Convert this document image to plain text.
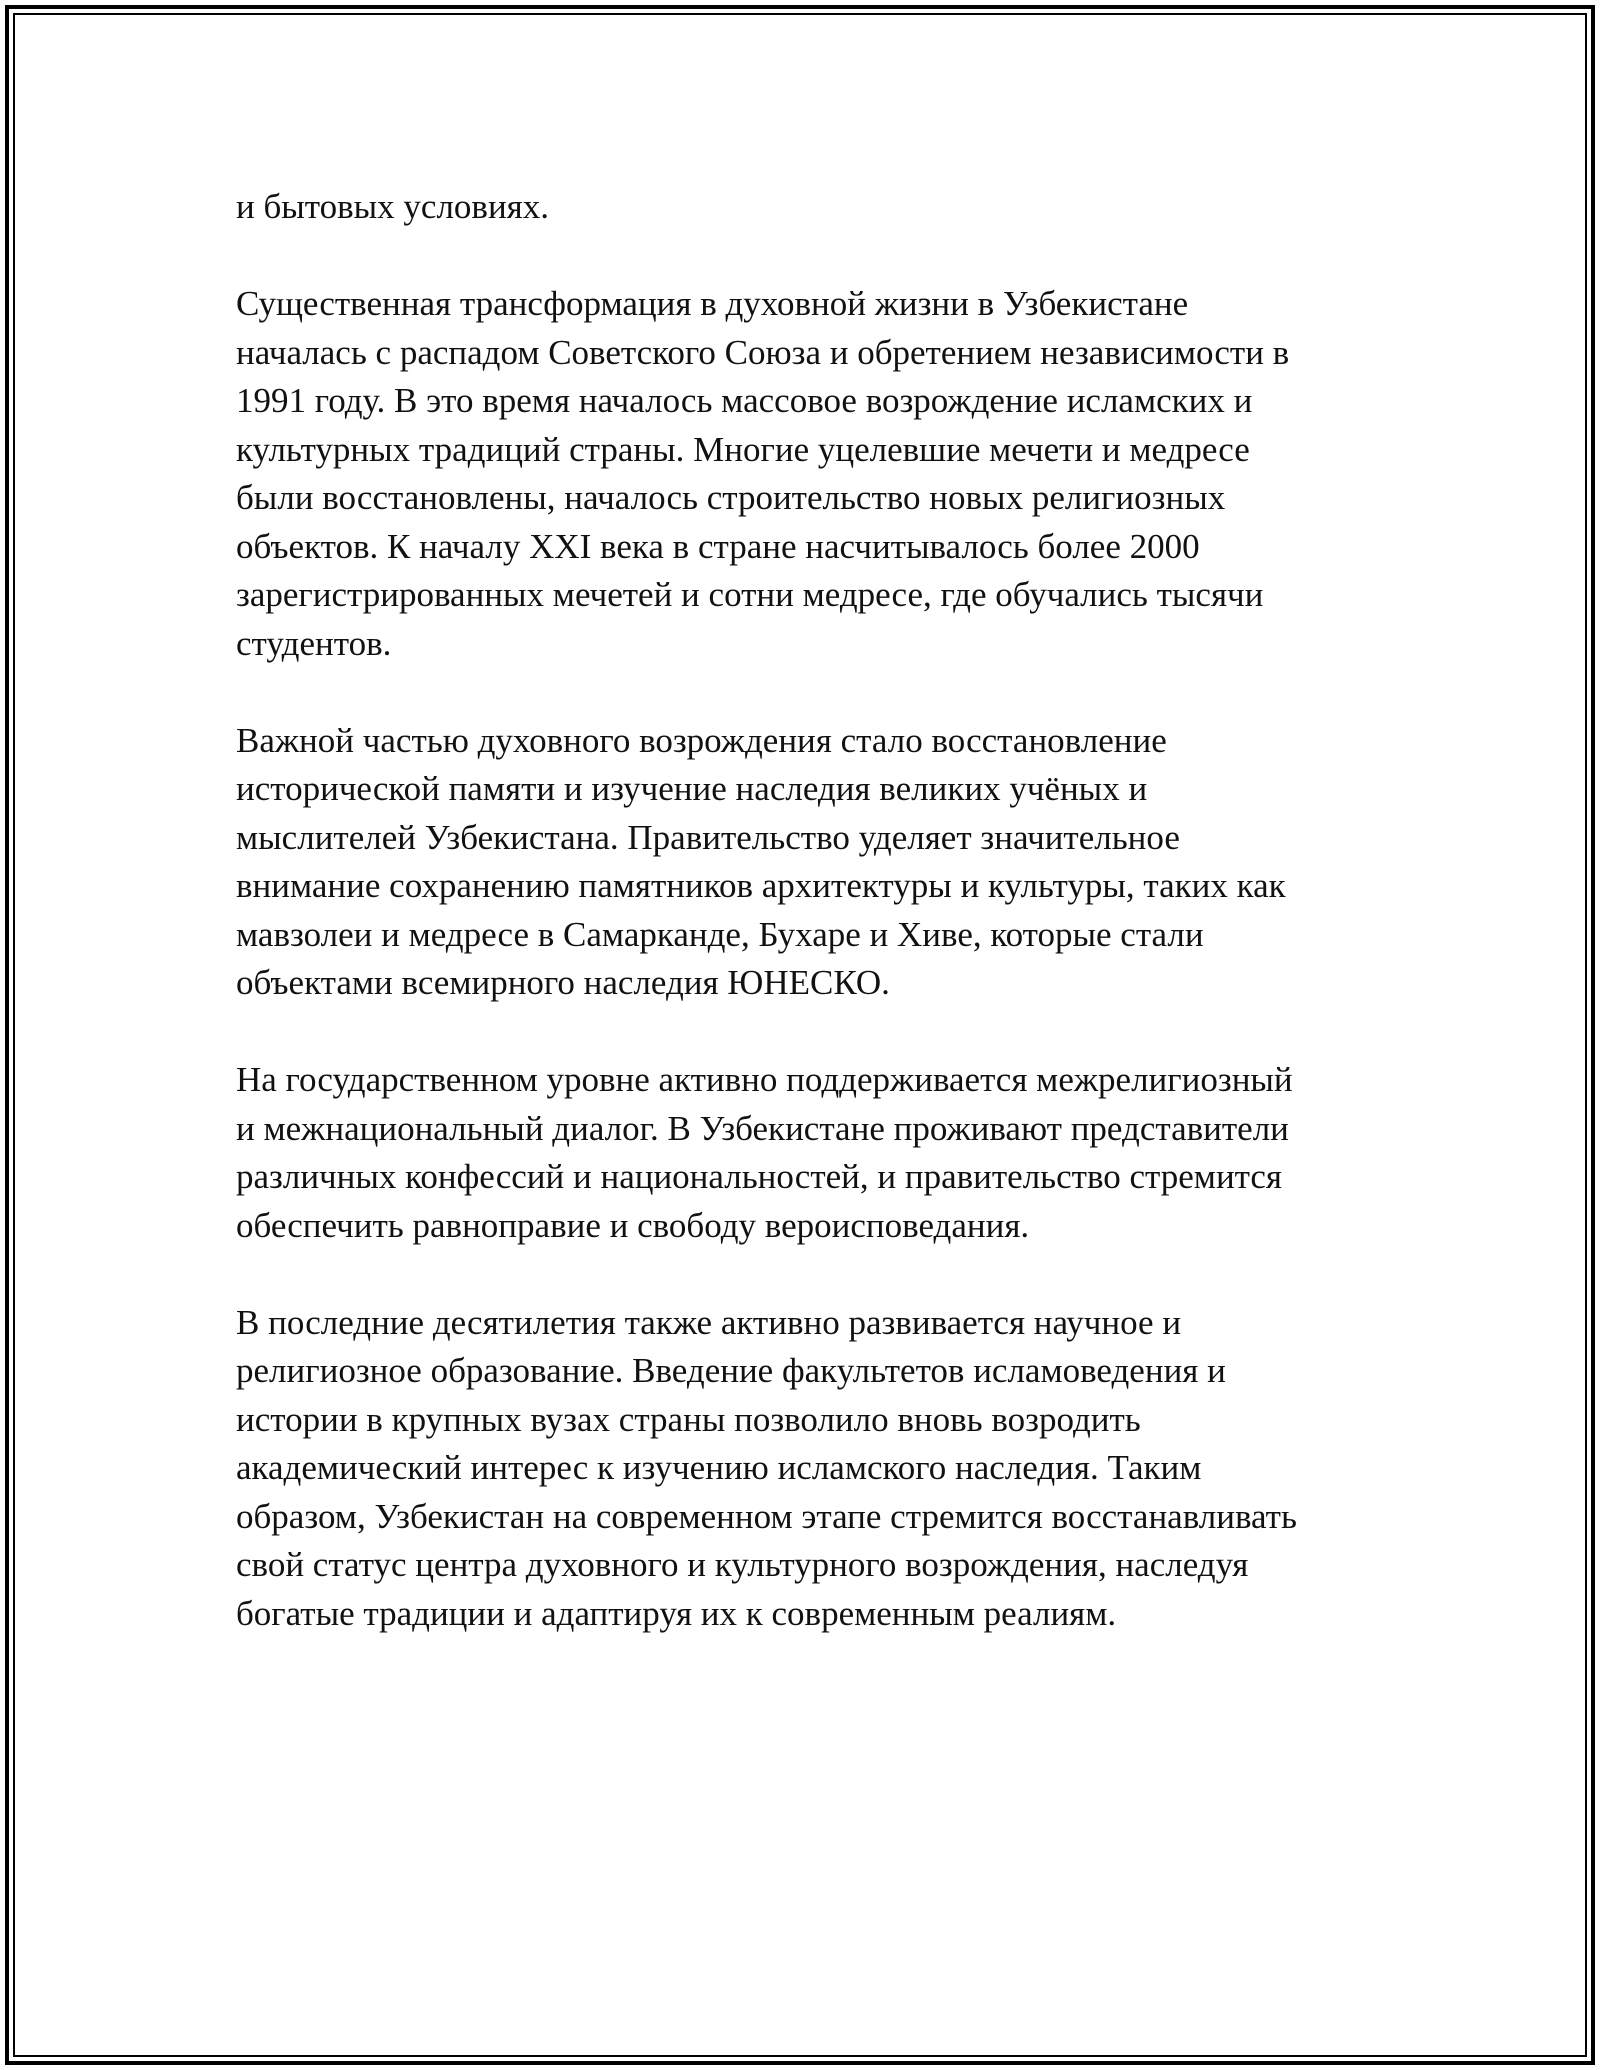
и бытовых условиях.
Существенная трансформация в духовной жизни в Узбекистане
началась с распадом Советского Союза и обретением независимости в
1991 году. В это время началось массовое возрождение исламских и
культурных традиций страны. Многие уцелевшие мечети и медресе
были восстановлены, началось строительство новых религиозных
объектов. К началу XXI века в стране насчитывалось более 2000
зарегистрированных мечетей и сотни медресе, где обучались тысячи
студентов.
Важной частью духовного возрождения стало восстановление
исторической памяти и изучение наследия великих учёных и
мыслителей Узбекистана. Правительство уделяет значительное
внимание сохранению памятников архитектуры и культуры, таких как
мавзолеи и медресе в Самарканде, Бухаре и Хиве, которые стали
объектами всемирного наследия ЮНЕСКО.
На государственном уровне активно поддерживается межрелигиозный
и межнациональный диалог. В Узбекистане проживают представители
различных конфессий и национальностей, и правительство стремится
обеспечить равноправие и свободу вероисповедания.
В последние десятилетия также активно развивается научное и
религиозное образование. Введение факультетов исламоведения и
истории в крупных вузах страны позволило вновь возродить
академический интерес к изучению исламского наследия. Таким
образом, Узбекистан на современном этапе стремится восстанавливать
свой статус центра духовного и культурного возрождения, наследуя
богатые традиции и адаптируя их к современным реалиям.
